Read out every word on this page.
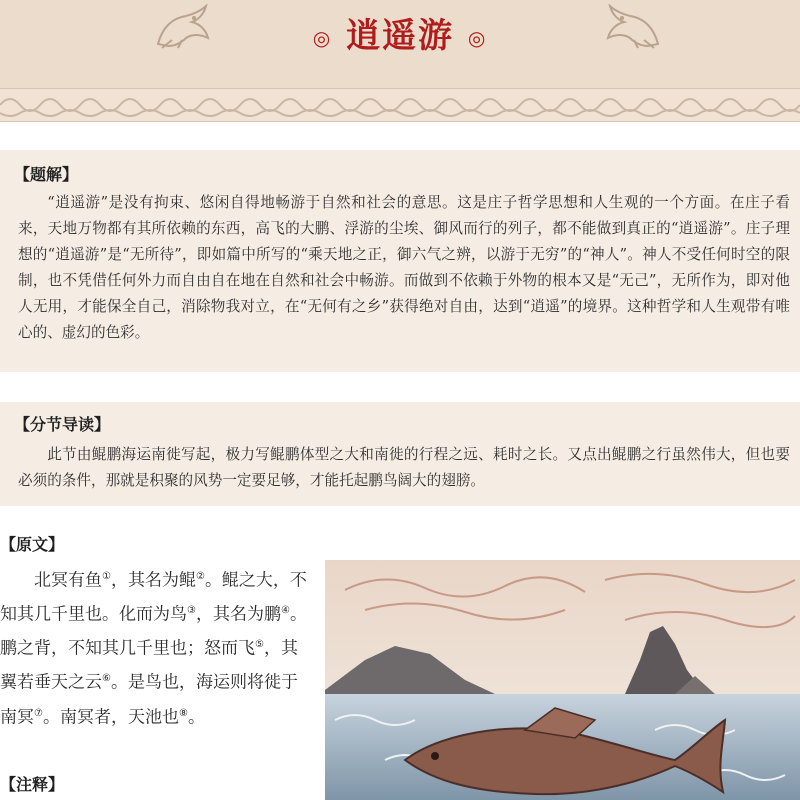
◎ 逍遥游 ◎
【题解】
“逍遥游”是没有拘束、悠闲自得地畅游于自然和社会的意思。这是庄子哲学思想和人生观的一个方面。在庄子看来，天地万物都有其所依赖的东西，高飞的大鹏、浮游的尘埃、御风而行的列子，都不能做到真正的“逍遥游”。庄子理想的“逍遥游”是“无所待”，即如篇中所写的“乘天地之正，御六气之辨，以游于无穷”的“神人”。神人不受任何时空的限制，也不凭借任何外力而自由自在地在自然和社会中畅游。而做到不依赖于外物的根本又是“无己”，无所作为，即对他人无用，才能保全自己，消除物我对立，在“无何有之乡”获得绝对自由，达到“逍遥”的境界。这种哲学和人生观带有唯心的、虚幻的色彩。
【分节导读】
此节由鲲鹏海运南徙写起，极力写鲲鹏体型之大和南徙的行程之远、耗时之长。又点出鲲鹏之行虽然伟大，但也要必须的条件，那就是积聚的风势一定要足够，才能托起鹏鸟阔大的翅膀。
【原文】
北冥有鱼①，其名为鲲②。鲲之大，不知其几千里也。化而为鸟③，其名为鹏④。鹏之背，不知其几千里也；怒而飞⑤，其翼若垂天之云⑥。是鸟也，海运则将徙于南冥⑦。南冥者，天池也⑧。
【注释】
